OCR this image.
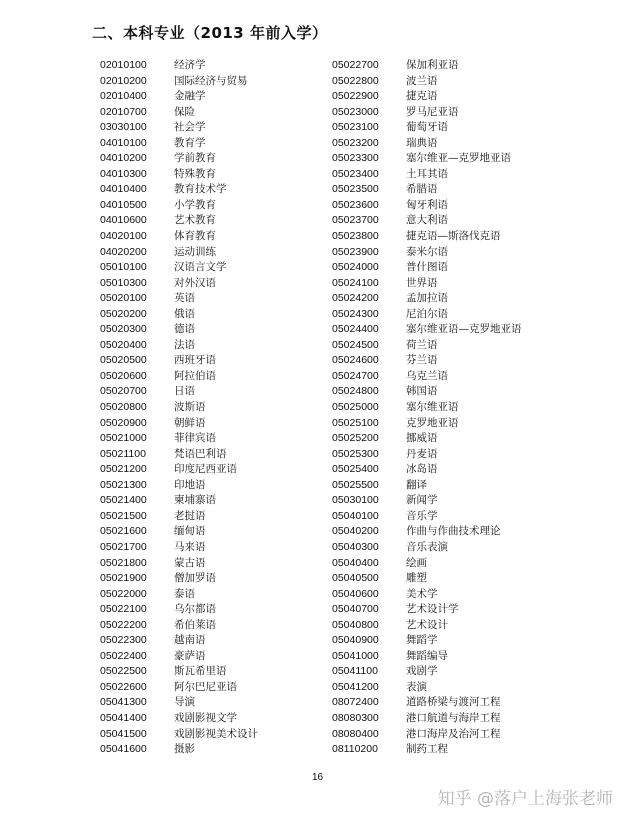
二、本科专业（2013 年前入学）
02010100	经济学
02010200	国际经济与贸易
02010400	金融学
02010700	保险
03030100	社会学
04010100	教育学
04010200	学前教育
04010300	特殊教育
04010400	教育技术学
04010500	小学教育
04010600	艺术教育
04020100	体育教育
04020200	运动训练
05010100	汉语言文学
05010300	对外汉语
05020100	英语
05020200	俄语
05020300	德语
05020400	法语
05020500	西班牙语
05020600	阿拉伯语
05020700	日语
05020800	波斯语
05020900	朝鲜语
05021000	菲律宾语
05021100	梵语巴利语
05021200	印度尼西亚语
05021300	印地语
05021400	柬埔寨语
05021500	老挝语
05021600	缅甸语
05021700	马来语
05021800	蒙古语
05021900	僧加罗语
05022000	泰语
05022100	乌尔都语
05022200	希伯莱语
05022300	越南语
05022400	豪萨语
05022500	斯瓦希里语
05022600	阿尔巴尼亚语
05041300	导演
05041400	戏剧影视文学
05041500	戏剧影视美术设计
05041600	摄影
05022700	保加利亚语
05022800	波兰语
05022900	捷克语
05023000	罗马尼亚语
05023100	葡萄牙语
05023200	瑞典语
05023300	塞尔维亚—克罗地亚语
05023400	土耳其语
05023500	希腊语
05023600	匈牙利语
05023700	意大利语
05023800	捷克语—斯洛伐克语
05023900	泰米尔语
05024000	普什图语
05024100	世界语
05024200	孟加拉语
05024300	尼泊尔语
05024400	塞尔维亚语—克罗地亚语
05024500	荷兰语
05024600	芬兰语
05024700	乌克兰语
05024800	韩国语
05025000	塞尔维亚语
05025100	克罗地亚语
05025200	挪威语
05025300	丹麦语
05025400	冰岛语
05025500	翻译
05030100	新闻学
05040100	音乐学
05040200	作曲与作曲技术理论
05040300	音乐表演
05040400	绘画
05040500	雕塑
05040600	美术学
05040700	艺术设计学
05040800	艺术设计
05040900	舞蹈学
05041000	舞蹈编导
05041100	戏剧学
05041200	表演
08072400	道路桥梁与渡河工程
08080300	港口航道与海岸工程
08080400	港口海岸及治河工程
08110200	制药工程
16
知乎 @落户上海张老师
